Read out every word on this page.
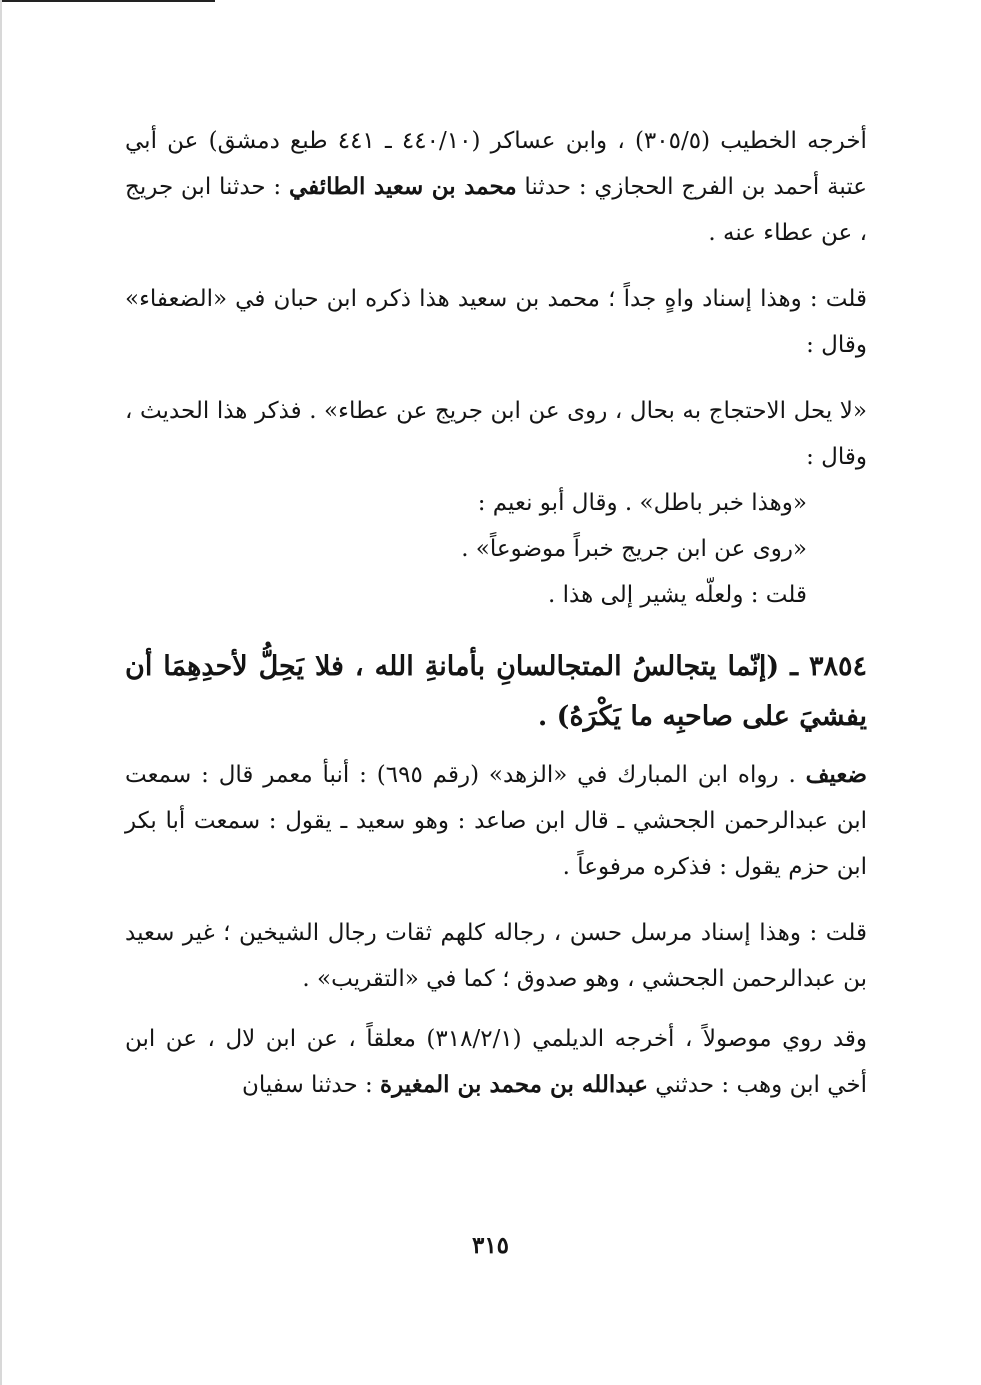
أخرجه الخطيب (٣٠٥/٥) ، وابن عساكر (٤٤٠/١٠ ـ ٤٤١ طبع دمشق) عن أبي عتبة أحمد بن الفرج الحجازي : حدثنا محمد بن سعيد الطائفي : حدثنا ابن جريج ، عن عطاء عنه .

قلت : وهذا إسناد واهٍ جداً ؛ محمد بن سعيد هذا ذكره ابن حبان في «الضعفاء» وقال :

«لا يحل الاحتجاج به بحال ، روى عن ابن جريج عن عطاء» . فذكر هذا الحديث ، وقال :

«وهذا خبر باطل» . وقال أبو نعيم :

«روى عن ابن جريج خبراً موضوعاً» .

قلت : ولعلّه يشير إلى هذا .

٣٨٥٤ ـ (إنّما يتجالسُ المتجالسانِ بأمانةِ الله ، فلا يَحِلُّ لأحدِهِمَا أن يفشيَ على صاحبِه ما يَكْرَهُ) .

ضعيف . رواه ابن المبارك في «الزهد» (رقم ٦٩٥) : أنبأ معمر قال : سمعت ابن عبدالرحمن الجحشي ـ قال ابن صاعد : وهو سعيد ـ يقول : سمعت أبا بكر ابن حزم يقول : فذكره مرفوعاً .

قلت : وهذا إسناد مرسل حسن ، رجاله كلهم ثقات رجال الشيخين ؛ غير سعيد بن عبدالرحمن الجحشي ، وهو صدوق ؛ كما في «التقريب» .

وقد روي موصولاً ، أخرجه الديلمي (٣١٨/٢/١) معلقاً ، عن ابن لال ، عن ابن أخي ابن وهب : حدثني عبدالله بن محمد بن المغيرة : حدثنا سفيان

٣١٥
